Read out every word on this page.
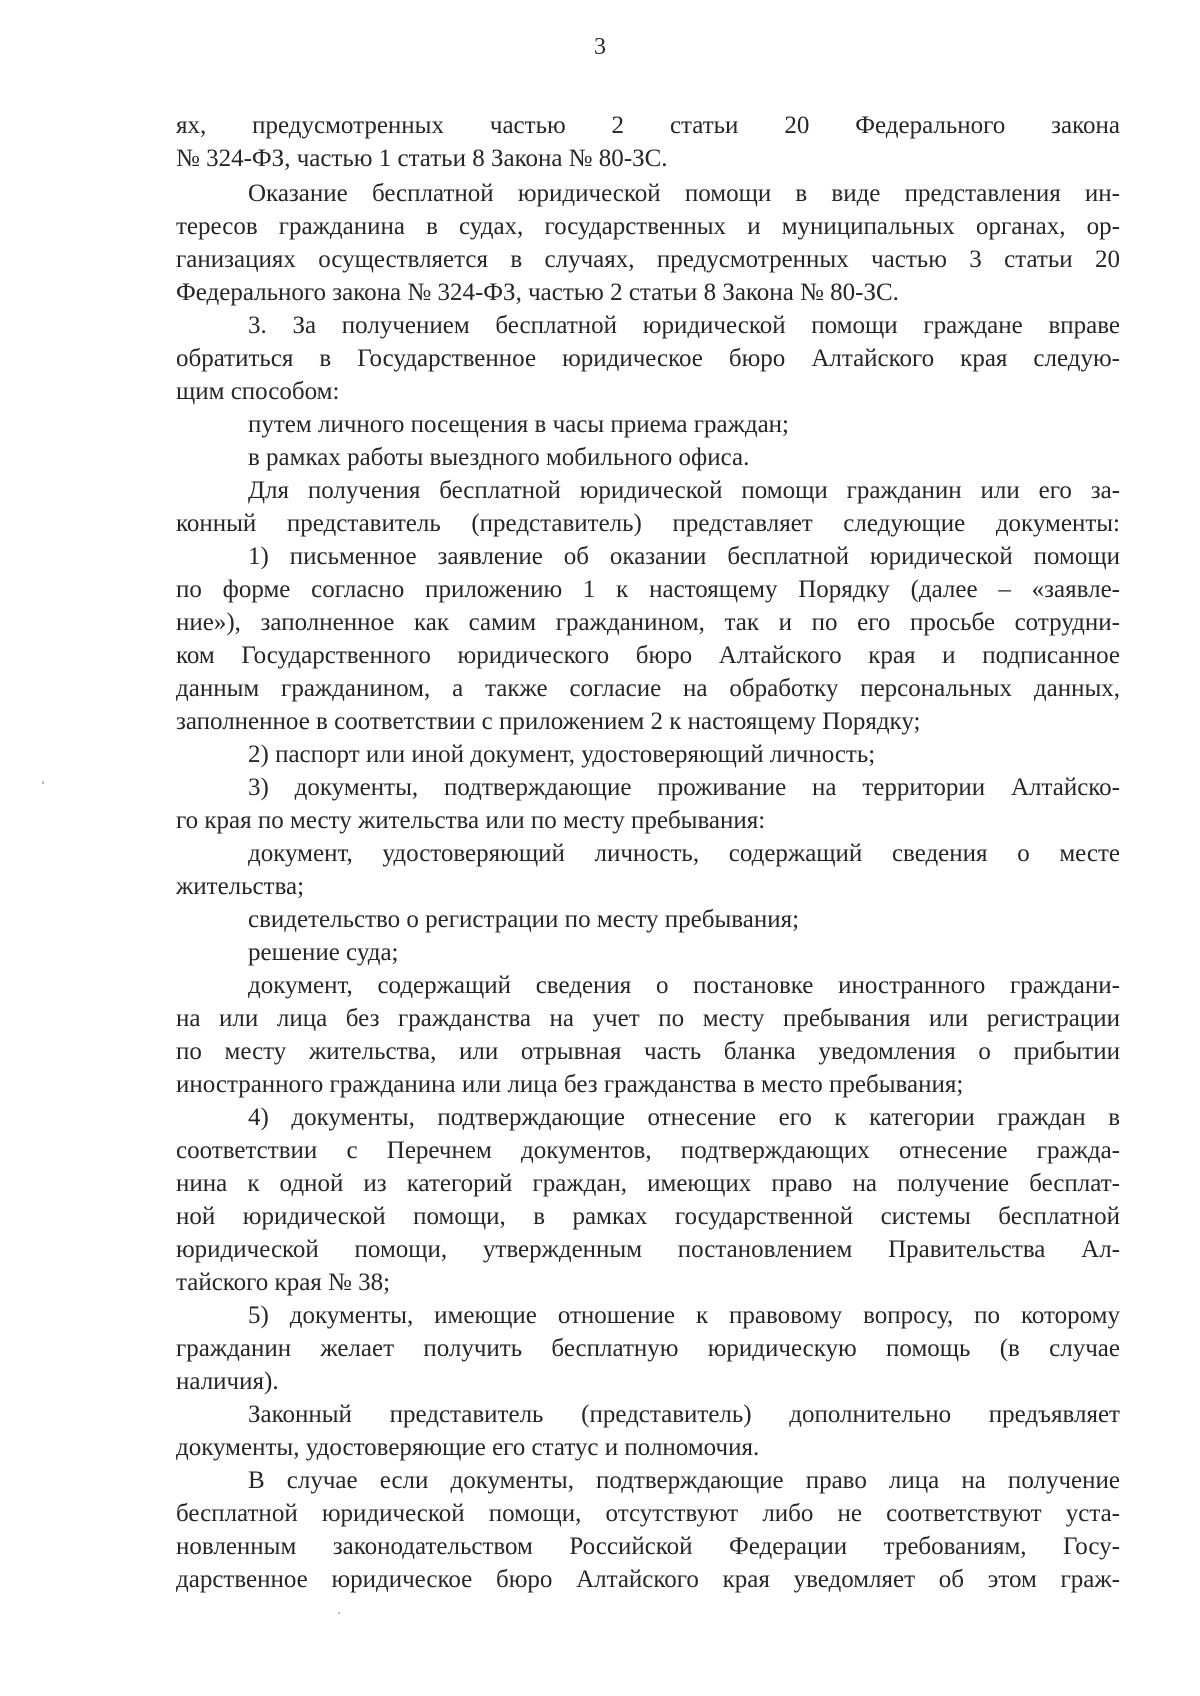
3
ях, предусмотренных частью 2 статьи 20 Федерального закона
№ 324-ФЗ, частью 1 статьи 8 Закона № 80-ЗС.
Оказание бесплатной юридической помощи в виде представления ин-
тересов гражданина в судах, государственных и муниципальных органах, ор-
ганизациях осуществляется в случаях, предусмотренных частью 3 статьи 20
Федерального закона № 324-ФЗ, частью 2 статьи 8 Закона № 80-ЗС.
3. За получением бесплатной юридической помощи граждане вправе
обратиться в Государственное юридическое бюро Алтайского края следую-
щим способом:
путем личного посещения в часы приема граждан;
в рамках работы выездного мобильного офиса.
Для получения бесплатной юридической помощи гражданин или его за-
конный представитель (представитель) представляет следующие документы:
1) письменное заявление об оказании бесплатной юридической помощи
по форме согласно приложению 1 к настоящему Порядку (далее – «заявле-
ние»), заполненное как самим гражданином, так и по его просьбе сотрудни-
ком Государственного юридического бюро Алтайского края и подписанное
данным гражданином, а также согласие на обработку персональных данных,
заполненное в соответствии с приложением 2 к настоящему Порядку;
2) паспорт или иной документ, удостоверяющий личность;
3) документы, подтверждающие проживание на территории Алтайско-
го края по месту жительства или по месту пребывания:
документ, удостоверяющий личность, содержащий сведения о месте
жительства;
свидетельство о регистрации по месту пребывания;
решение суда;
документ, содержащий сведения о постановке иностранного граждани-
на или лица без гражданства на учет по месту пребывания или регистрации
по месту жительства, или отрывная часть бланка уведомления о прибытии
иностранного гражданина или лица без гражданства в место пребывания;
4) документы, подтверждающие отнесение его к категории граждан в
соответствии с Перечнем документов, подтверждающих отнесение гражда-
нина к одной из категорий граждан, имеющих право на получение бесплат-
ной юридической помощи, в рамках государственной системы бесплатной
юридической помощи, утвержденным постановлением Правительства Ал-
тайского края № 38;
5) документы, имеющие отношение к правовому вопросу, по которому
гражданин желает получить бесплатную юридическую помощь (в случае
наличия).
Законный представитель (представитель) дополнительно предъявляет
документы, удостоверяющие его статус и полномочия.
В случае если документы, подтверждающие право лица на получение
бесплатной юридической помощи, отсутствуют либо не соответствуют уста-
новленным законодательством Российской Федерации требованиям, Госу-
дарственное юридическое бюро Алтайского края уведомляет об этом граж-
